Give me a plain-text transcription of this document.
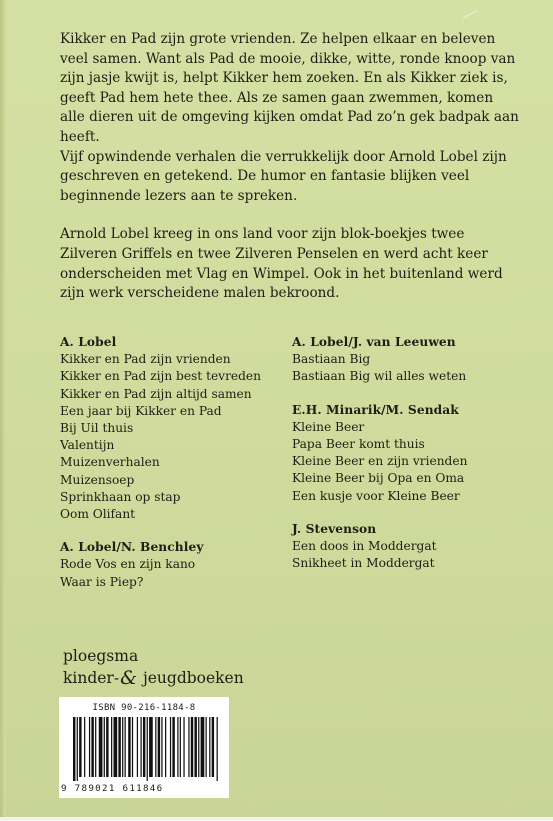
Kikker en Pad zijn grote vrienden. Ze helpen elkaar en beleven veel samen. Want als Pad de mooie, dikke, witte, ronde knoop van zijn jasje kwijt is, helpt Kikker hem zoeken. En als Kikker ziek is, geeft Pad hem hete thee. Als ze samen gaan zwemmen, komen alle dieren uit de omgeving kijken omdat Pad zo’n gek badpak aan heeft.

Vijf opwindende verhalen die verrukkelijk door Arnold Lobel zijn geschreven en getekend. De humor en fantasie blijken veel beginnende lezers aan te spreken.

Arnold Lobel kreeg in ons land voor zijn blok-boekjes twee Zilveren Griffels en twee Zilveren Penselen en werd acht keer onderscheiden met Vlag en Wimpel. Ook in het buitenland werd zijn werk verscheidene malen bekroond.

A. Lobel
Kikker en Pad zijn vrienden
Kikker en Pad zijn best tevreden
Kikker en Pad zijn altijd samen
Een jaar bij Kikker en Pad
Bij Uil thuis
Valentijn
Muizenverhalen
Muizensoep
Sprinkhaan op stap
Oom Olifant
A. Lobel/N. Benchley
Rode Vos en zijn kano
Waar is Piep?
A. Lobel/J. van Leeuwen
Bastiaan Big
Bastiaan Big wil alles weten
E.H. Minarik/M. Sendak
Kleine Beer
Papa Beer komt thuis
Kleine Beer en zijn vrienden
Kleine Beer bij Opa en Oma
Een kusje voor Kleine Beer
J. Stevenson
Een doos in Moddergat
Snikheet in Moddergat
ploegsma
kinder-& jeugdboeken
ISBN 90-216-1184-8
9 789021 611846
